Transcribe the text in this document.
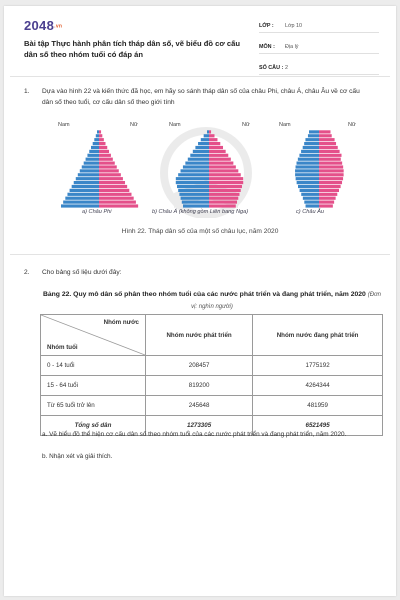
2048.vn
Bài tập Thực hành phân tích tháp dân số, vẽ biểu đồ cơ cấu dân số theo nhóm tuổi có đáp án
LỚP :	Lớp 10
MÔN :	Địa lý
SỐ CÂU : 2
1. Dựa vào hình 22 và kiến thức đã học, em hãy so sánh tháp dân số của châu Phi, châu Á, châu Âu về cơ cấu dân số theo tuổi, cơ cấu dân số theo giới tính
Nam	Nữ	Nam	Nữ	Nam	Nữ
a) Châu Phi	b) Châu Á (không gồm Liên bang Nga)	c) Châu Âu
Hình 22. Tháp dân số của một số châu lục, năm 2020
2. Cho bảng số liệu dưới đây:
Bảng 22. Quy mô dân số phân theo nhóm tuổi của các nước phát triển và đang phát triển, năm 2020 (Đơn vị: nghìn người)
Nhóm nước
Nhóm tuổi	Nhóm nước phát triển	Nhóm nước đang phát triển
0 - 14 tuổi	208457	1775192
15 - 64 tuổi	819200	4264344
Từ 65 tuổi trở lên	245648	481959
Tổng số dân	1273305	6521495
a. Vẽ biểu đồ thể hiện cơ cấu dân số theo nhóm tuổi của các nước phát triển và đang phát triển, năm 2020.
b. Nhận xét và giải thích.
